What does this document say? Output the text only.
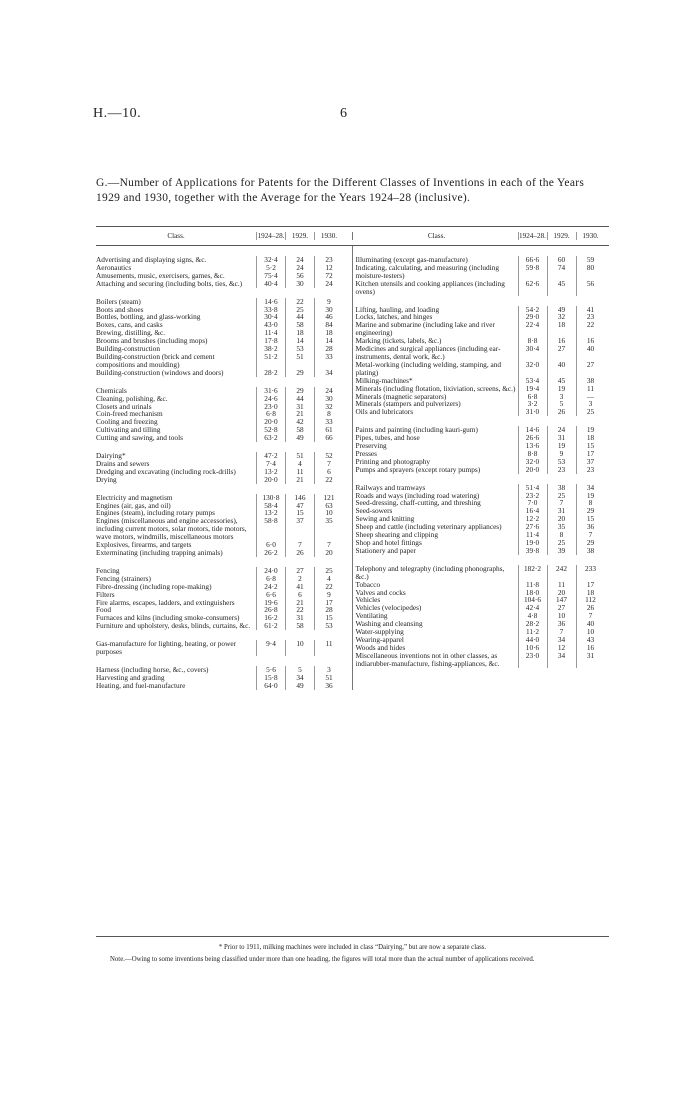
H.—10.	6
G.—Number of Applications for Patents for the Different Classes of Inventions in each of the Years 1929 and 1930, together with the Average for the Years 1924–28 (inclusive).
Class.	1924–28.	1929.	1930.	Class.	1924–28.	1929.	1930.
Advertising and displaying signs, &c.	32·4	24	23
Aeronautics	5·2	24	12
Amusements, music, exercisers, games, &c.	75·4	56	72
Attaching and securing (including bolts, ties, &c.)	40·4	30	24
Boilers (steam)	14·6	22	9
Boots and shoes	33·8	25	30
Bottles, bottling, and glass-working	30·4	44	46
Boxes, cans, and casks	43·0	58	84
Brewing, distilling, &c.	11·4	18	18
Brooms and brushes (including mops)	17·8	14	14
Building-construction	38·2	53	28
Building-construction (brick and cement compositions and moulding)
51·2	51	33
Building-construction (windows and doors)	28·2	29	34
Chemicals	31·6	29	24
Cleaning, polishing, &c.	24·6	44	30
Closets and urinals	23·0	31	32
Coin-freed mechanism	6·8	21	8
Cooling and freezing	20·0	42	33
Cultivating and tilling	52·8	58	61
Cutting and sawing, and tools	63·2	49	66
Dairying*	47·2	51	52
Drains and sewers	7·4	4	7
Dredging and excavating (including rock-drills)	13·2	11	6
Drying	20·0	21	22
Electricity and magnetism	130·8	146	121
Engines (air, gas, and oil)	58·4	47	63
Engines (steam), including rotary pumps	13·2	15	10
Engines (miscellaneous and engine accessories), including current motors, solar motors, tide motors, wave motors, windmills, miscellaneous motors
58·8	37	35
Explosives, firearms, and targets	6·0	7	7
Exterminating (including trapping animals)	26·2	26	20
Fencing	24·0	27	25
Fencing (strainers)	6·8	2	4
Fibre-dressing (including rope-making)	24·2	41	22
Filters	6·6	6	9
Fire alarms, escapes, ladders, and extinguishers	19·6	21	17
Food	26·8	22	28
Furnaces and kilns (including smoke-consumers)	16·2	31	15
Furniture and upholstery, desks, blinds, curtains, &c.	61·2	58	53
Gas-manufacture for lighting, heating, or power purposes
9·4	10	11
Harness (including horse, &c., covers)	5·6	5	3
Harvesting and grading	15·8	34	51
Heating, and fuel-manufacture	64·0	49	36
Illuminating (except gas-manufacture)	66·6	60	59
Indicating, calculating, and measuring (including moisture-testers)
59·8	74	80
Kitchen utensils and cooking appliances (including ovens)
62·6	45	56
Lifting, hauling, and loading	54·2	49	41
Locks, latches, and hinges	29·0	32	23
Marine and submarine (including lake and river engineering)
22·4	18	22
Marking (tickets, labels, &c.)	8·8	16	16
Medicines and surgical appliances (including ear-instruments, dental work, &c.)
30·4	27	40
Metal-working (including welding, stamping, and plating)
32·0	40	27
Milking-machines*	53·4	45	38
Minerals (including flotation, lixiviation, screens, &c.)	19·4	19	11
Minerals (magnetic separators)	6·8	3	—
Minerals (stampers and pulverizers)	3·2	5	3
Oils and lubricators	31·0	26	25
Paints and painting (including kauri-gum)	14·6	24	19
Pipes, tubes, and hose	26·6	31	18
Preserving	13·6	19	15
Presses	8·8	9	17
Printing and photography	32·0	53	37
Pumps and sprayers (except rotary pumps)	20·0	23	23
Railways and tramways	51·4	38	34
Roads and ways (including road watering)	23·2	25	19
Seed-dressing, chaff-cutting, and threshing	7·0	7	8
Seed-sowers	16·4	31	29
Sewing and knitting	12·2	20	15
Sheep and cattle (including veterinary appliances)	27·6	35	36
Sheep shearing and clipping	11·4	8	7
Shop and hotel fittings	19·0	25	29
Stationery and paper	39·8	39	38
Telephony and telegraphy (including phonographs, &c.)
182·2	242	233
Tobacco	11·8	11	17
Valves and cocks	18·0	20	18
Vehicles	104·6	147	112
Vehicles (velocipedes)	42·4	27	26
Ventilating	4·8	10	7
Washing and cleansing	28·2	36	40
Water-supplying	11·2	7	10
Wearing-apparel	44·0	34	43
Woods and hides	10·6	12	16
Miscellaneous inventions not in other classes, as indiarubber-manufacture, fishing-appliances, &c.
23·0	34	31
* Prior to 1911, milking machines were included in class “Dairying,” but are now a separate class.
Note.—Owing to some inventions being classified under more than one heading, the figures will total more than the actual number of applications received.
